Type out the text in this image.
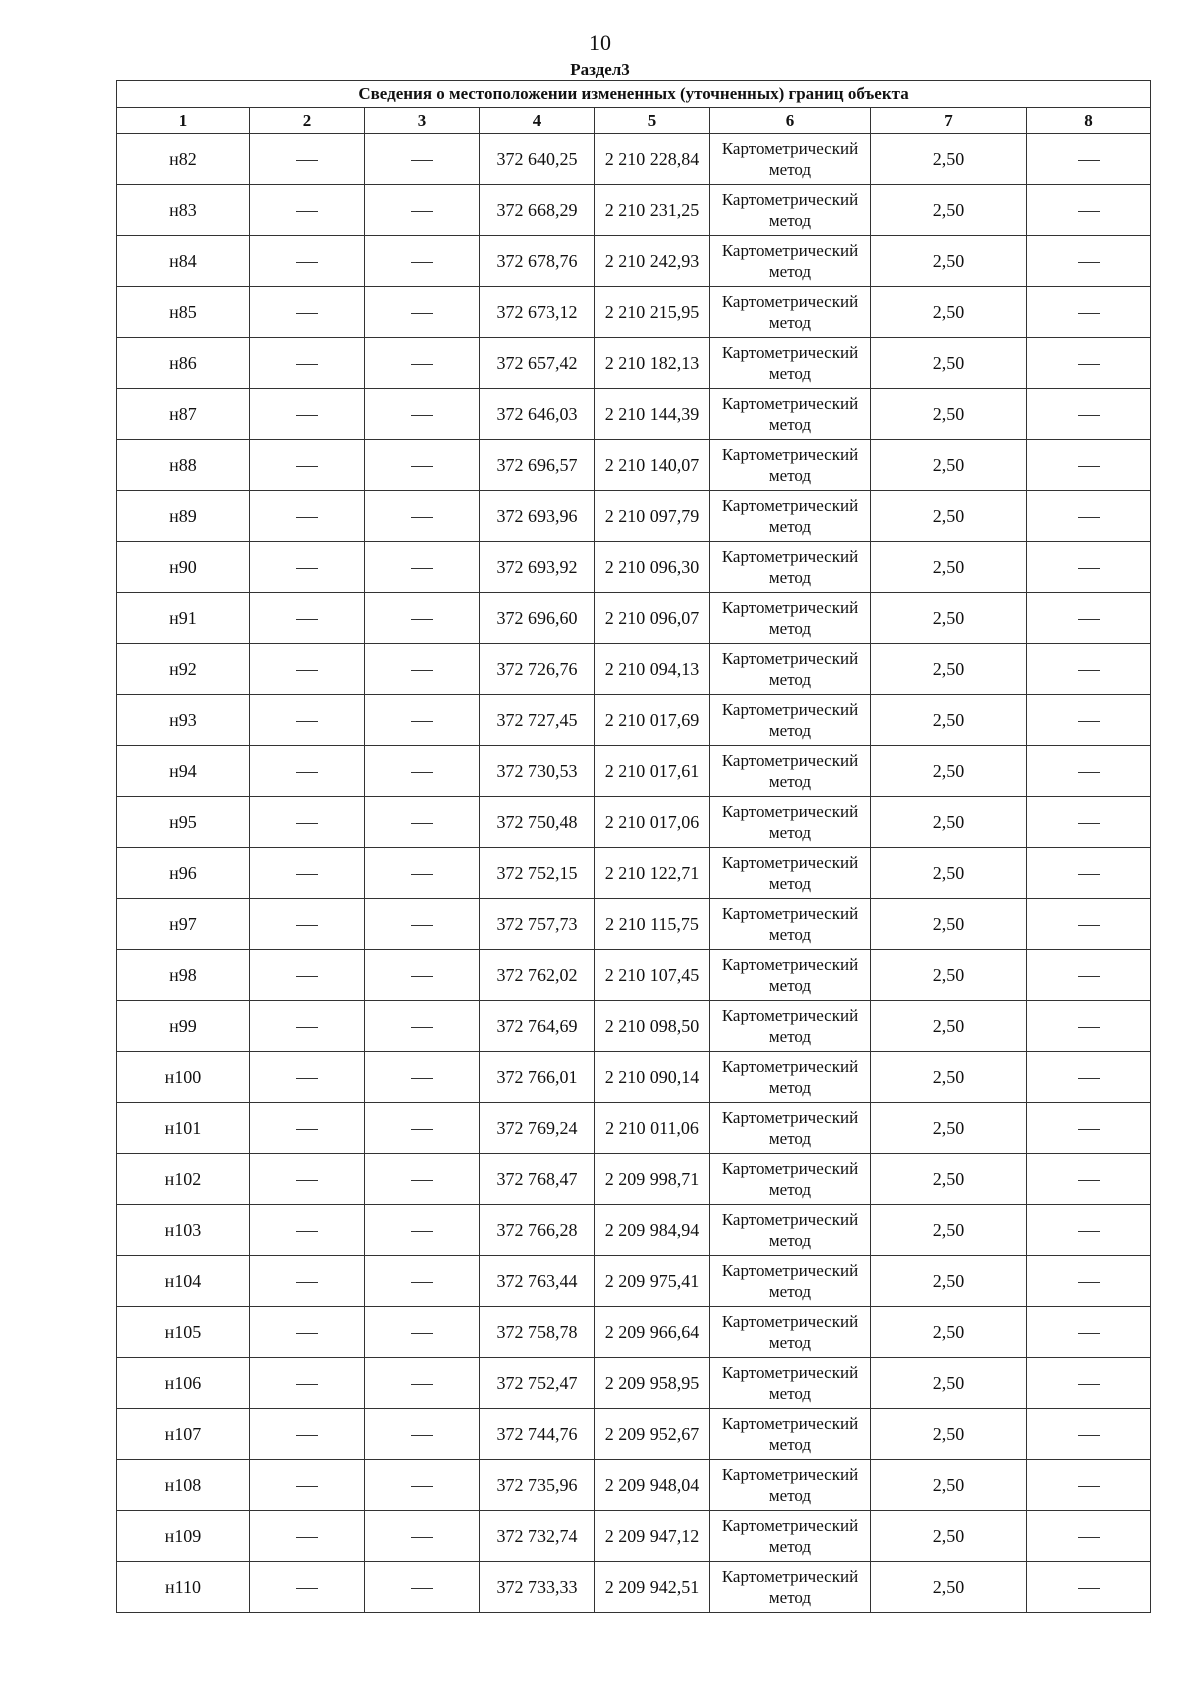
10
Раздел3
Сведения о местоположении измененных (уточненных) границ объекта							
1	2	3	4	5	6	7	8
н82			372 640,25	2 210 228,84	Картометрический метод	2,50	
н83			372 668,29	2 210 231,25	Картометрический метод	2,50	
н84			372 678,76	2 210 242,93	Картометрический метод	2,50	
н85			372 673,12	2 210 215,95	Картометрический метод	2,50	
н86			372 657,42	2 210 182,13	Картометрический метод	2,50	
н87			372 646,03	2 210 144,39	Картометрический метод	2,50	
н88			372 696,57	2 210 140,07	Картометрический метод	2,50	
н89			372 693,96	2 210 097,79	Картометрический метод	2,50	
н90			372 693,92	2 210 096,30	Картометрический метод	2,50	
н91			372 696,60	2 210 096,07	Картометрический метод	2,50	
н92			372 726,76	2 210 094,13	Картометрический метод	2,50	
н93			372 727,45	2 210 017,69	Картометрический метод	2,50	
н94			372 730,53	2 210 017,61	Картометрический метод	2,50	
н95			372 750,48	2 210 017,06	Картометрический метод	2,50	
н96			372 752,15	2 210 122,71	Картометрический метод	2,50	
н97			372 757,73	2 210 115,75	Картометрический метод	2,50	
н98			372 762,02	2 210 107,45	Картометрический метод	2,50	
н99			372 764,69	2 210 098,50	Картометрический метод	2,50	
н100			372 766,01	2 210 090,14	Картометрический метод	2,50	
н101			372 769,24	2 210 011,06	Картометрический метод	2,50	
н102			372 768,47	2 209 998,71	Картометрический метод	2,50	
н103			372 766,28	2 209 984,94	Картометрический метод	2,50	
н104			372 763,44	2 209 975,41	Картометрический метод	2,50	
н105			372 758,78	2 209 966,64	Картометрический метод	2,50	
н106			372 752,47	2 209 958,95	Картометрический метод	2,50	
н107			372 744,76	2 209 952,67	Картометрический метод	2,50	
н108			372 735,96	2 209 948,04	Картометрический метод	2,50	
н109			372 732,74	2 209 947,12	Картометрический метод	2,50	
н110			372 733,33	2 209 942,51	Картометрический метод	2,50	
